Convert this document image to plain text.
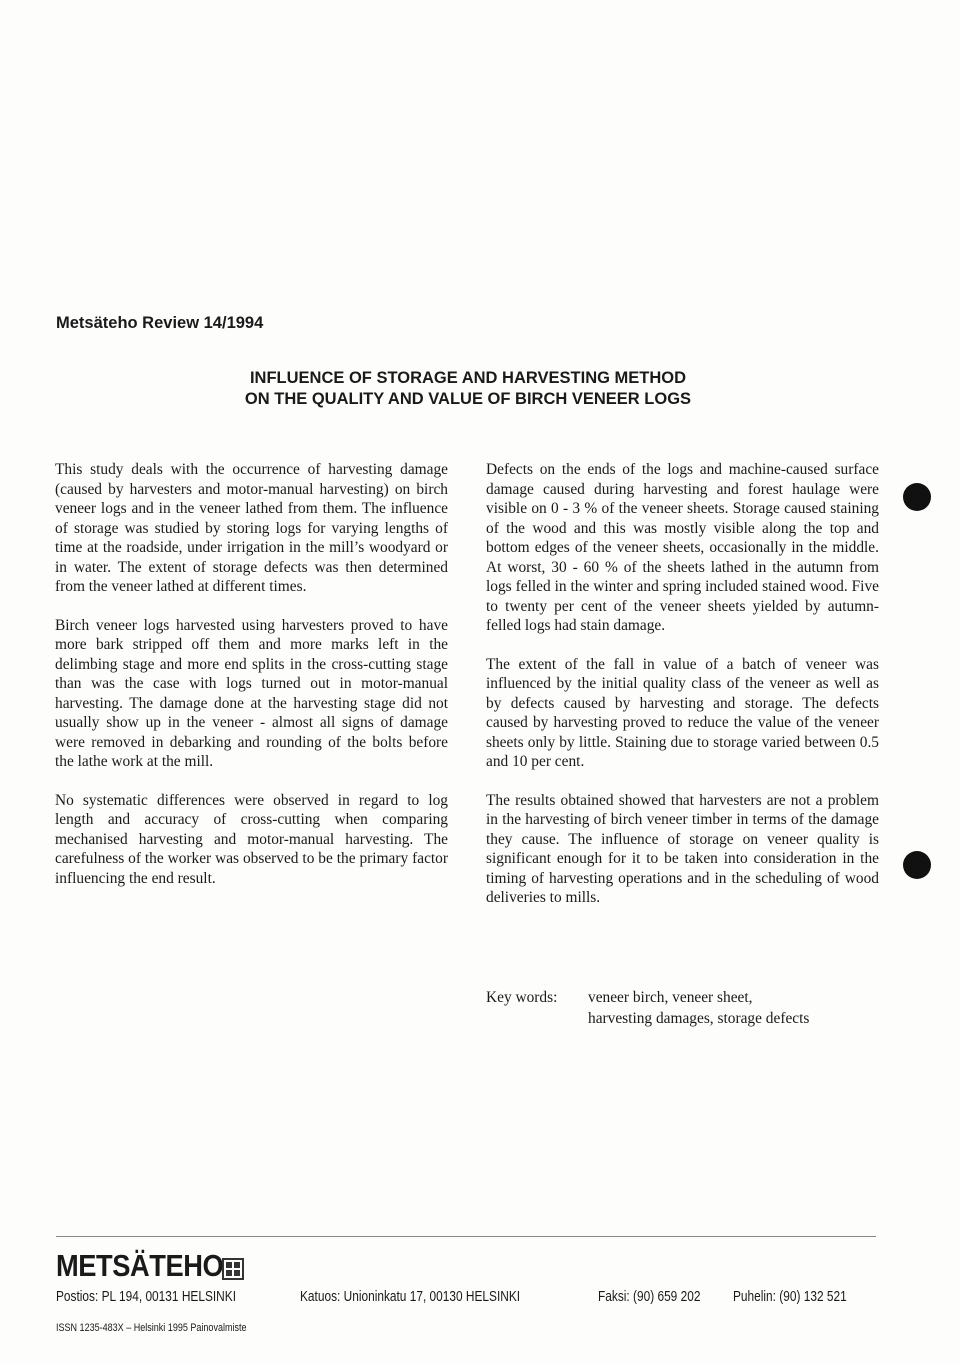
Metsäteho Review 14/1994
INFLUENCE OF STORAGE AND HARVESTING METHOD
ON THE QUALITY AND VALUE OF BIRCH VENEER LOGS

This study deals with the occurrence of harvesting damage (caused by harvesters and motor-manual harvesting) on birch veneer logs and in the veneer lathed from them. The influence of storage was studied by storing logs for varying lengths of time at the roadside, under irrigation in the mill’s woodyard or in water. The extent of storage defects was then determined from the veneer lathed at different times.

Birch veneer logs harvested using harvesters proved to have more bark stripped off them and more marks left in the delimbing stage and more end splits in the cross-cutting stage than was the case with logs turned out in motor-manual harvesting. The damage done at the harvesting stage did not usually show up in the veneer - almost all signs of damage were removed in debarking and rounding of the bolts before the lathe work at the mill.

No systematic differences were observed in regard to log length and accuracy of cross-cutting when comparing mechanised harvesting and motor-manual harvesting. The carefulness of the worker was observed to be the primary factor influencing the end result.

Defects on the ends of the logs and machine-caused surface damage caused during harvesting and forest haulage were visible on 0 - 3 % of the veneer sheets. Storage caused staining of the wood and this was mostly visible along the top and bottom edges of the veneer sheets, occasionally in the middle. At worst, 30 - 60 % of the sheets lathed in the autumn from logs felled in the winter and spring included stained wood. Five to twenty per cent of the veneer sheets yielded by autumn-felled logs had stain damage.

The extent of the fall in value of a batch of veneer was influenced by the initial quality class of the veneer as well as by defects caused by harvesting and storage. The defects caused by harvesting proved to reduce the value of the veneer sheets only by little. Staining due to storage varied between 0.5 and 10 per cent.

The results obtained showed that harvesters are not a problem in the harvesting of birch veneer timber in terms of the damage they cause. The influence of storage on veneer quality is significant enough for it to be taken into consideration in the timing of harvesting operations and in the scheduling of wood deliveries to mills.

Key words:	veneer birch, veneer sheet,
harvesting damages, storage defects
METSÄTEHO
Postios: PL 194, 00131 HELSINKI	Katuos: Unioninkatu 17, 00130 HELSINKI	Faksi: (90) 659 202 Puhelin: (90) 132 521
ISSN 1235-483X – Helsinki 1995 Painovalmiste
